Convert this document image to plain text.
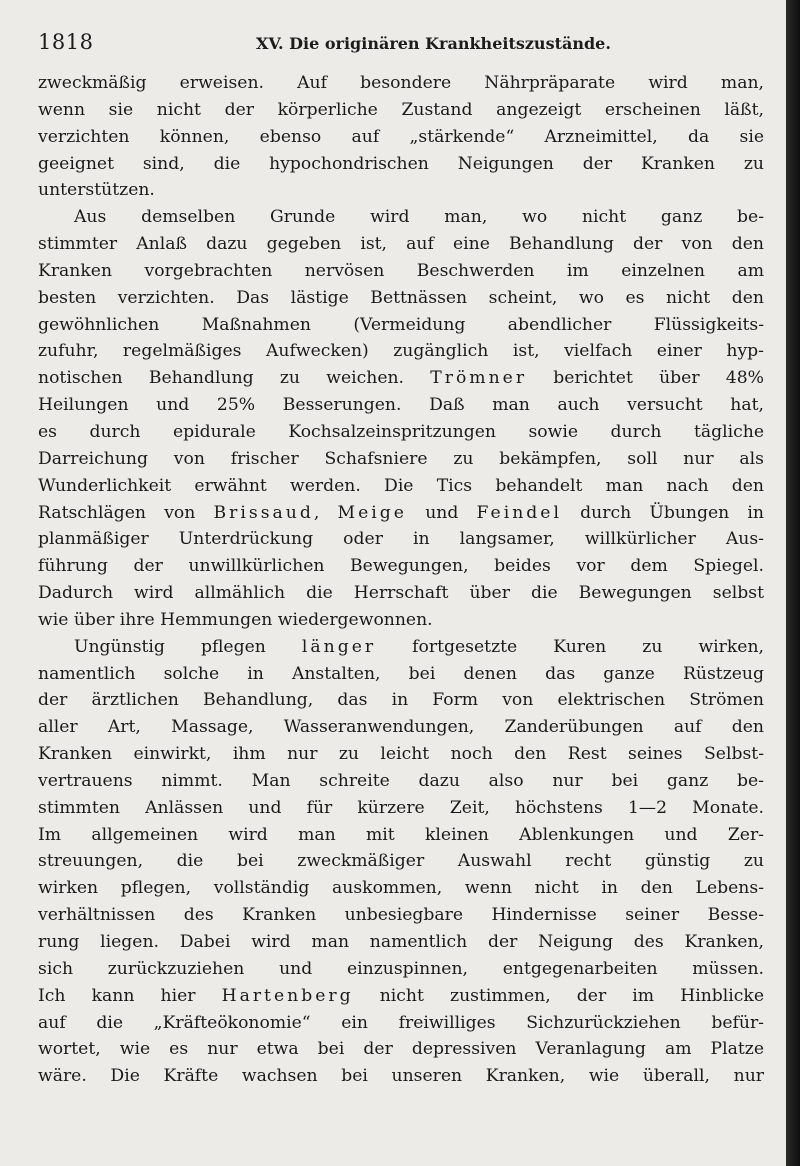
1818	XV. Die originären Krankheitszustände.
zweckmäßig erweisen. Auf besondere Nährpräparate wird man,
wenn sie nicht der körperliche Zustand angezeigt erscheinen läßt,
verzichten können, ebenso auf „stärkende“ Arzneimittel, da sie
geeignet sind, die hypochondrischen Neigungen der Kranken zu
unterstützen.
Aus demselben Grunde wird man, wo nicht ganz be-
stimmter Anlaß dazu gegeben ist, auf eine Behandlung der von den
Kranken vorgebrachten nervösen Beschwerden im einzelnen am
besten verzichten. Das lästige Bettnässen scheint, wo es nicht den
gewöhnlichen Maßnahmen (Vermeidung abendlicher Flüssigkeits-
zufuhr, regelmäßiges Aufwecken) zugänglich ist, vielfach einer hyp-
notischen Behandlung zu weichen. Trömner berichtet über 48%
Heilungen und 25% Besserungen. Daß man auch versucht hat,
es durch epidurale Kochsalzeinspritzungen sowie durch tägliche
Darreichung von frischer Schafsniere zu bekämpfen, soll nur als
Wunderlichkeit erwähnt werden. Die Tics behandelt man nach den
Ratschlägen von Brissaud, Meige und Feindel durch Übungen in
planmäßiger Unterdrückung oder in langsamer, willkürlicher Aus-
führung der unwillkürlichen Bewegungen, beides vor dem Spiegel.
Dadurch wird allmählich die Herrschaft über die Bewegungen selbst
wie über ihre Hemmungen wiedergewonnen.
Ungünstig pflegen länger fortgesetzte Kuren zu wirken,
namentlich solche in Anstalten, bei denen das ganze Rüstzeug
der ärztlichen Behandlung, das in Form von elektrischen Strömen
aller Art, Massage, Wasseranwendungen, Zanderübungen auf den
Kranken einwirkt, ihm nur zu leicht noch den Rest seines Selbst-
vertrauens nimmt. Man schreite dazu also nur bei ganz be-
stimmten Anlässen und für kürzere Zeit, höchstens 1—2 Monate.
Im allgemeinen wird man mit kleinen Ablenkungen und Zer-
streuungen, die bei zweckmäßiger Auswahl recht günstig zu
wirken pflegen, vollständig auskommen, wenn nicht in den Lebens-
verhältnissen des Kranken unbesiegbare Hindernisse seiner Besse-
rung liegen. Dabei wird man namentlich der Neigung des Kranken,
sich zurückzuziehen und einzuspinnen, entgegenarbeiten müssen.
Ich kann hier Hartenberg nicht zustimmen, der im Hinblicke
auf die „Kräfteökonomie“ ein freiwilliges Sichzurückziehen befür-
wortet, wie es nur etwa bei der depressiven Veranlagung am Platze
wäre. Die Kräfte wachsen bei unseren Kranken, wie überall, nur
